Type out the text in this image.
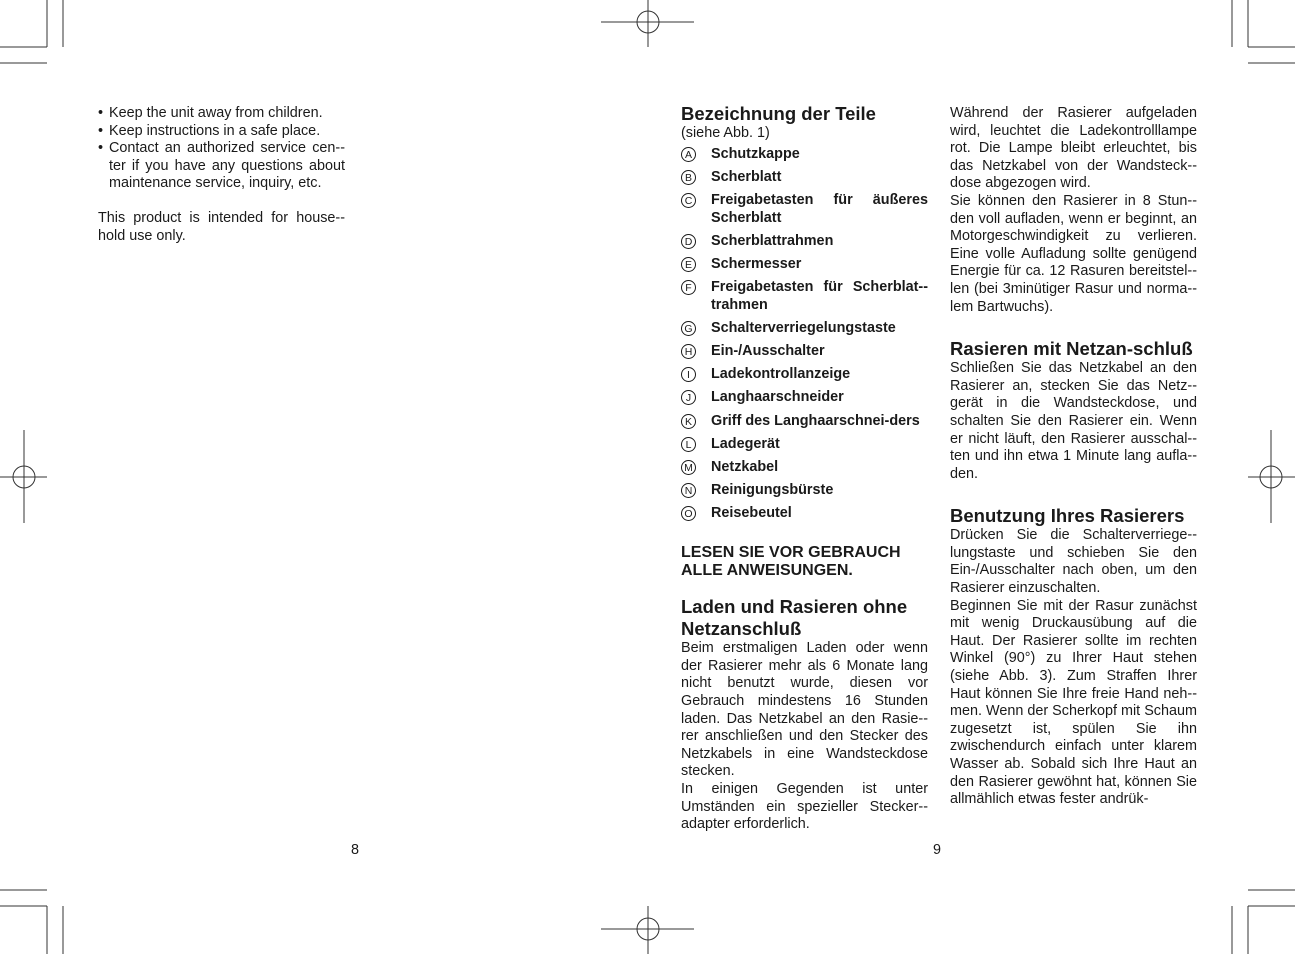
• Keep the unit away from children.
• Keep instructions in a safe place.
• Contact an authorized service cen-ter if you have any questions about maintenance service, inquiry, etc.

This product is intended for house-hold use only.

8
Bezeichnung der Teile

(siehe Abb. 1)

A Schutzkappe
B Scherblatt
C Freigabetasten für äußeres Scherblatt
D Scherblattrahmen
E Schermesser
F Freigabetasten für Scherblat-trahmen
G Schalterverriegelungstaste
H Ein-/Ausschalter
I	Ladekontrollanzeige
J	Langhaarschneider
K Griff des Langhaarschnei-ders
L	Ladegerät
M Netzkabel
N Reinigungsbürste
O Reisebeutel

LESEN SIE VOR GEBRAUCH ALLE ANWEISUNGEN.

Laden und Rasieren ohne Netzanschluß

Beim erstmaligen Laden oder wenn der Rasierer mehr als 6 Monate lang nicht benutzt wurde, diesen vor Gebrauch mindestens 16 Stunden laden. Das Netzkabel an den Rasie-rer anschließen und den Stecker des Netzkabels in eine Wandsteckdose stecken.

In einigen Gegenden ist unter Umständen ein spezieller Stecker-adapter erforderlich.

Während der Rasierer aufgeladen wird, leuchtet die Ladekontrolllampe rot. Die Lampe bleibt erleuchtet, bis das Netzkabel von der Wandsteck-dose abgezogen wird.

Sie können den Rasierer in 8 Stun-den voll aufladen, wenn er beginnt, an Motorgeschwindigkeit zu verlieren. Eine volle Aufladung sollte genügend Energie für ca. 12 Rasuren bereitstel-len (bei 3minütiger Rasur und norma-lem Bartwuchs).

Rasieren mit Netzan-schluß

Schließen Sie das Netzkabel an den Rasierer an, stecken Sie das Netz-gerät in die Wandsteckdose, und schalten Sie den Rasierer ein. Wenn er nicht läuft, den Rasierer ausschal-ten und ihn etwa 1 Minute lang aufla-den.

Benutzung Ihres Rasierers

Drücken Sie die Schalterverriege-lungstaste und schieben Sie den Ein-/Ausschalter nach oben, um den Rasierer einzuschalten.

Beginnen Sie mit der Rasur zunächst mit wenig Druckausübung auf die Haut. Der Rasierer sollte im rechten Winkel (90°) zu Ihrer Haut stehen (siehe Abb. 3). Zum Straffen Ihrer Haut können Sie Ihre freie Hand neh-men. Wenn der Scherkopf mit Schaum zugesetzt ist, spülen Sie ihn zwischendurch einfach unter klarem Wasser ab. Sobald sich Ihre Haut an den Rasierer gewöhnt hat, können Sie allmählich etwas fester andrük-

9
